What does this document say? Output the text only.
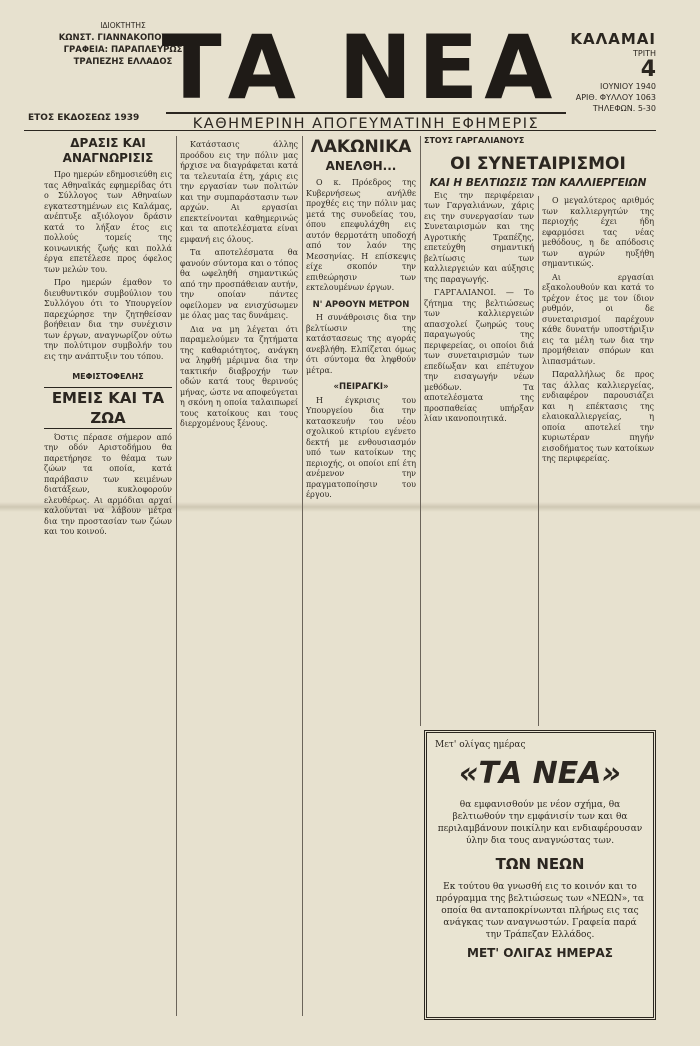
ΙΔΙΟΚΤΗΤΗΣ
ΚΩΝΣΤ. ΓΙΑΝΝΑΚΟΠΟΥΛΟΣ
ΓΡΑΦΕΙΑ: ΠΑΡΑΠΛΕΥΡΩΣ
ΤΡΑΠΕΖΗΣ ΕΛΛΑΔΟΣ
ΕΤΟΣ ΕΚΔΟΣΕΩΣ 1939 ΤΑ ΝΕΑ
ΚΑΘΗΜΕΡΙΝΗ ΑΠΟΓΕΥΜΑΤΙΝΗ ΕΦΗΜΕΡΙΣ
ΚΑΛΑΜΑΙ
ΤΡΙΤΗ
4
ΙΟΥΝΙΟΥ 1940
ΑΡΙΘ. ΦΥΛΛΟΥ 1063
ΤΗΛΕΦΩΝ. 5-30
ΔΡΑΣΙΣ ΚΑΙ ΑΝΑΓΝΩΡΙΣΙΣ

Προ ημερών εδημοσιεύθη εις τας Αθηναϊκάς εφημερίδας ότι ο Σύλλογος των Αθηναίων εγκατεστημένων εις Καλάμας, ανέπτυξε αξιόλογον δράσιν κατά το λήξαν έτος εις πολλούς τομείς της κοινωνικής ζωής και πολλά έργα επετέλεσε προς όφελος των μελών του.

Προ ημερών έμαθον το διευθυντικόν συμβούλιον του Συλλόγου ότι το Υπουργείον παρεχώρησε την ζητηθείσαν βοήθειαν δια την συνέχισιν των έργων, αναγνωρίζον ούτω την πολύτιμον συμβολήν του εις την ανάπτυξιν του τόπου.

ΜΕΦΙΣΤΟΦΕΛΗΣ
ΕΜΕΙΣ ΚΑΙ ΤΑ ΖΩΑ

Όστις πέρασε σήμερον από την οδόν Αριστοδήμου θα παρετήρησε το θέαμα των ζώων τα οποία, κατά παράβασιν των κειμένων διατάξεων, κυκλοφορούν ελευθέρως. Αι αρμόδιαι αρχαί καλούνται να λάβουν μέτρα δια την προστασίαν των ζώων και του κοινού.

Κατάστασις άλλης προόδου εις την πόλιν μας ήρχισε να διαγράφεται κατά τα τελευταία έτη, χάρις εις την εργασίαν των πολιτών και την συμπαράστασιν των αρχών. Αι εργασίαι επεκτείνονται καθημερινώς και τα αποτελέσματα είναι εμφανή εις όλους.

Τα αποτελέσματα θα φανούν σύντομα και ο τόπος θα ωφεληθή σημαντικώς από την προσπάθειαν αυτήν, την οποίαν πάντες οφείλομεν να ενισχύσωμεν με όλας μας τας δυνάμεις.

Δια να μη λέγεται ότι παραμελούμεν τα ζητήματα της καθαριότητος, ανάγκη να ληφθή μέριμνα δια την τακτικήν διαβροχήν των οδών κατά τους θερινούς μήνας, ώστε να αποφεύγεται η σκόνη η οποία ταλαιπωρεί τους κατοίκους και τους διερχομένους ξένους.

ΛΑΚΩΝΙΚΑ
ΑΝΕΛΘΗ...

Ο κ. Πρόεδρος της Κυβερνήσεως ανήλθε προχθές εις την πόλιν μας μετά της συνοδείας του, όπου επεφυλάχθη εις αυτόν θερμοτάτη υποδοχή από τον λαόν της Μεσσηνίας. Η επίσκεψις είχε σκοπόν την επιθεώρησιν των εκτελουμένων έργων.

Ν' ΑΡΘΟΥΝ ΜΕΤΡΟΝ

Η συνάθροισις δια την βελτίωσιν της κατάστασεως της αγοράς ανεβλήθη. Ελπίζεται όμως ότι σύντομα θα ληφθούν μέτρα.

«ΠΕΙΡΑΓΚΙ»

Η έγκρισις του Υπουργείου δια την κατασκευήν του νέου σχολικού κτιρίου εγένετο δεκτή με ενθουσιασμόν υπό των κατοίκων της περιοχής, οι οποίοι επί έτη ανέμενον την πραγματοποίησιν του έργου.

ΣΤΟΥΣ ΓΑΡΓΑΛΙΑΝΟΥΣ

Εις την περιφέρειαν των Γαργαλιάνων, χάρις εις την συνεργασίαν των Συνεταιρισμών και της Αγροτικής Τραπέζης, επετεύχθη σημαντική βελτίωσις των καλλιεργειών και αύξησις της παραγωγής.

ΓΑΡΓΑΛΙΑΝΟΙ. — Το ζήτημα της βελτιώσεως των καλλιεργειών απασχολεί ζωηρώς τους παραγωγούς της περιφερείας, οι οποίοι διά των συνεταιρισμών των επεδίωξαν και επέτυχον την εισαγωγήν νέων μεθόδων. Τα αποτελέσματα της προσπαθείας υπήρξαν λίαν ικανοποιητικά.

ΟΙ ΣΥΝΕΤΑΙΡΙΣΜΟΙ
ΚΑΙ Η ΒΕΛΤΙΩΣΙΣ ΤΩΝ ΚΑΛΛΙΕΡΓΕΙΩΝ

Ο μεγαλύτερος αριθμός των καλλιεργητών της περιοχής έχει ήδη εφαρμόσει τας νέας μεθόδους, η δε απόδοσις των αγρών ηυξήθη σημαντικώς.

Αι εργασίαι εξακολουθούν και κατά το τρέχον έτος με τον ίδιον ρυθμόν, οι δε συνεταιρισμοί παρέχουν κάθε δυνατήν υποστήριξιν εις τα μέλη των δια την προμήθειαν σπόρων και λιπασμάτων.

Παραλλήλως δε προς τας άλλας καλλιεργείας, ενδιαφέρον παρουσιάζει και η επέκτασις της ελαιοκαλλιεργείας, η οποία αποτελεί την κυριωτέραν πηγήν εισοδήματος των κατοίκων της περιφερείας.

Μετ' ολίγας ημέρας
«ΤΑ ΝΕΑ»
θα εμφανισθούν με νέον σχήμα, θα βελτιωθούν την εμφάνισίν των και θα περιλαμβάνουν ποικίλην και ενδιαφέρουσαν ύλην δια τους αναγνώστας των.
ΤΩΝ ΝΕΩΝ
Εκ τούτου θα γνωσθή εις το κοινόν και το πρόγραμμα της βελτιώσεως των «ΝΕΩΝ», τα οποία θα ανταποκρίνωνται πλήρως εις τας ανάγκας των αναγνωστών. Γραφεία παρά την Τράπεζαν Ελλάδος.
ΜΕΤ' ΟΛΙΓΑΣ ΗΜΕΡΑΣ
